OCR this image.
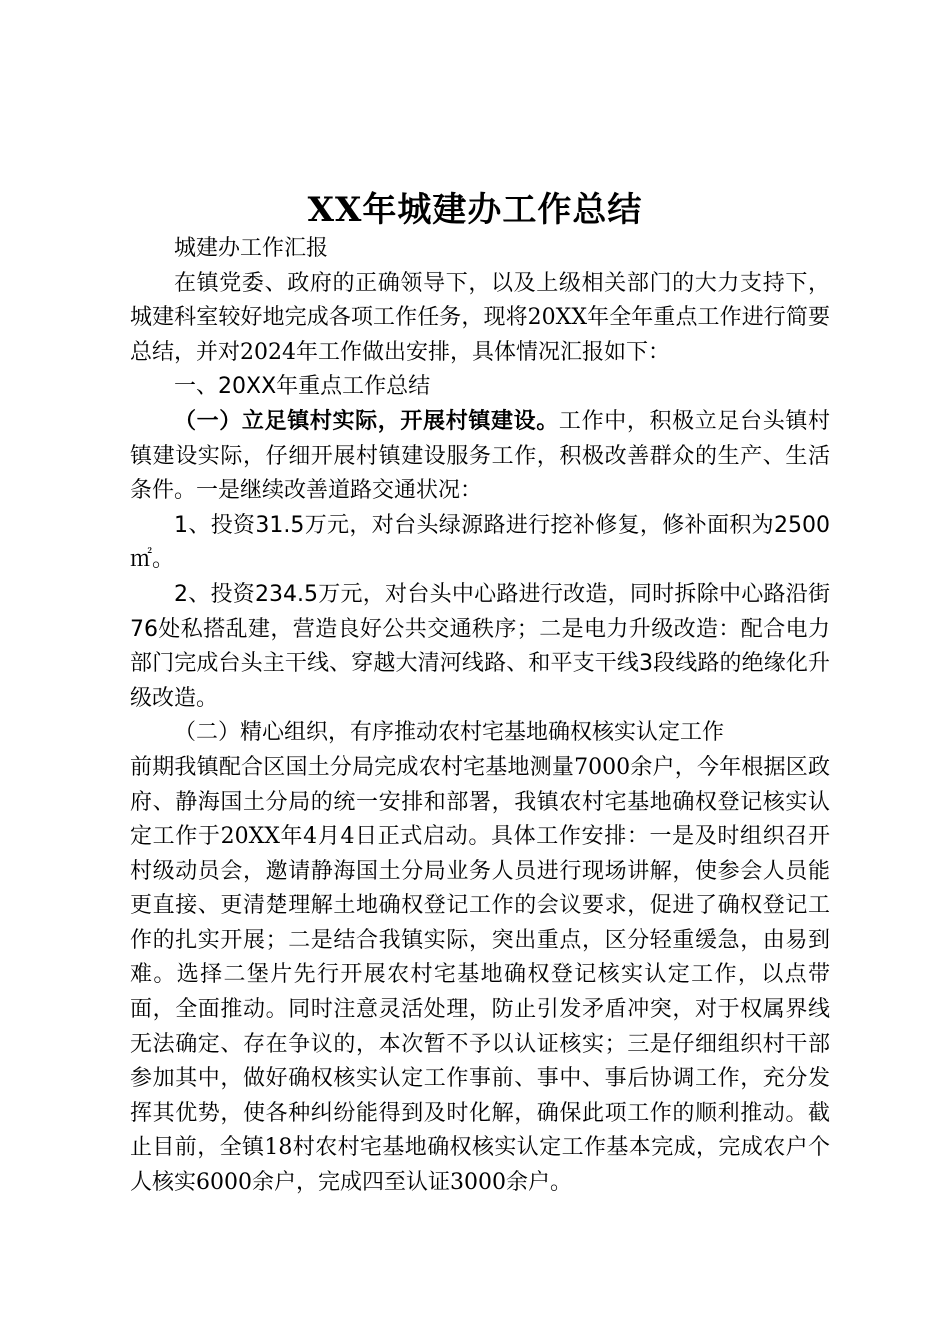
XX年城建办工作总结

城建办工作汇报

在镇党委、政府的正确领导下，以及上级相关部门的大力支持下，城建科室较好地完成各项工作任务，现将20XX年全年重点工作进行简要总结，并对2024年工作做出安排，具体情况汇报如下：

一、20XX年重点工作总结

（一）立足镇村实际，开展村镇建设。工作中，积极立足台头镇村镇建设实际，仔细开展村镇建设服务工作，积极改善群众的生产、生活条件。一是继续改善道路交通状况：

1、投资31.5万元，对台头绿源路进行挖补修复，修补面积为2500㎡。

2、投资234.5万元，对台头中心路进行改造，同时拆除中心路沿街76处私搭乱建，营造良好公共交通秩序；二是电力升级改造：配合电力部门完成台头主干线、穿越大清河线路、和平支干线3段线路的绝缘化升级改造。

（二）精心组织，有序推动农村宅基地确权核实认定工作

前期我镇配合区国土分局完成农村宅基地测量7000余户，今年根据区政府、静海国土分局的统一安排和部署，我镇农村宅基地确权登记核实认定工作于20XX年4月4日正式启动。具体工作安排：一是及时组织召开村级动员会，邀请静海国土分局业务人员进行现场讲解，使参会人员能更直接、更清楚理解土地确权登记工作的会议要求，促进了确权登记工作的扎实开展；二是结合我镇实际，突出重点，区分轻重缓急，由易到难。选择二堡片先行开展农村宅基地确权登记核实认定工作，以点带面，全面推动。同时注意灵活处理，防止引发矛盾冲突，对于权属界线无法确定、存在争议的，本次暂不予以认证核实；三是仔细组织村干部参加其中，做好确权核实认定工作事前、事中、事后协调工作，充分发挥其优势，使各种纠纷能得到及时化解，确保此项工作的顺利推动。截止目前，全镇18村农村宅基地确权核实认定工作基本完成，完成农户个人核实6000余户，完成四至认证3000余户。
